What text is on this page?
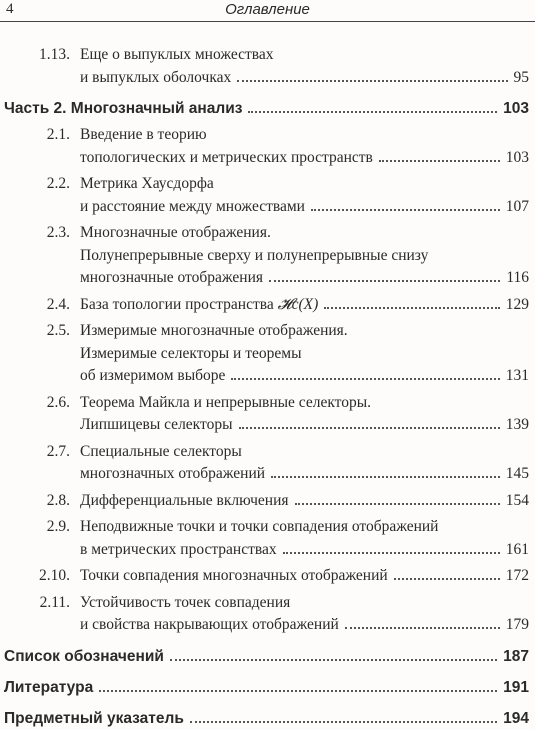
4	Оглавление
1.13. Еще о выпуклых множествах
и выпуклых оболочках	95
Часть 2. Многозначный анализ	103
2.1. Введение в теорию
топологических и метрических пространств	103
2.2. Метрика Хаусдорфа
и расстояние между множествами	107
2.3. Многозначные отображения.
Полунепрерывные сверху и полунепрерывные снизу
многозначные отображения	116
2.4. База топологии пространства 𝓗c(X)	129
2.5. Измеримые многозначные отображения.
Измеримые селекторы и теоремы
об измеримом выборе	131
2.6. Теорема Майкла и непрерывные селекторы.
Липшицевы селекторы	139
2.7. Специальные селекторы
многозначных отображений	145
2.8. Дифференциальные включения	154
2.9. Неподвижные точки и точки совпадения отображений
в метрических пространствах	161
2.10. Точки совпадения многозначных отображений	172
2.11. Устойчивость точек совпадения
и свойства накрывающих отображений	179
Список обозначений	187
Литература	191
Предметный указатель	194
